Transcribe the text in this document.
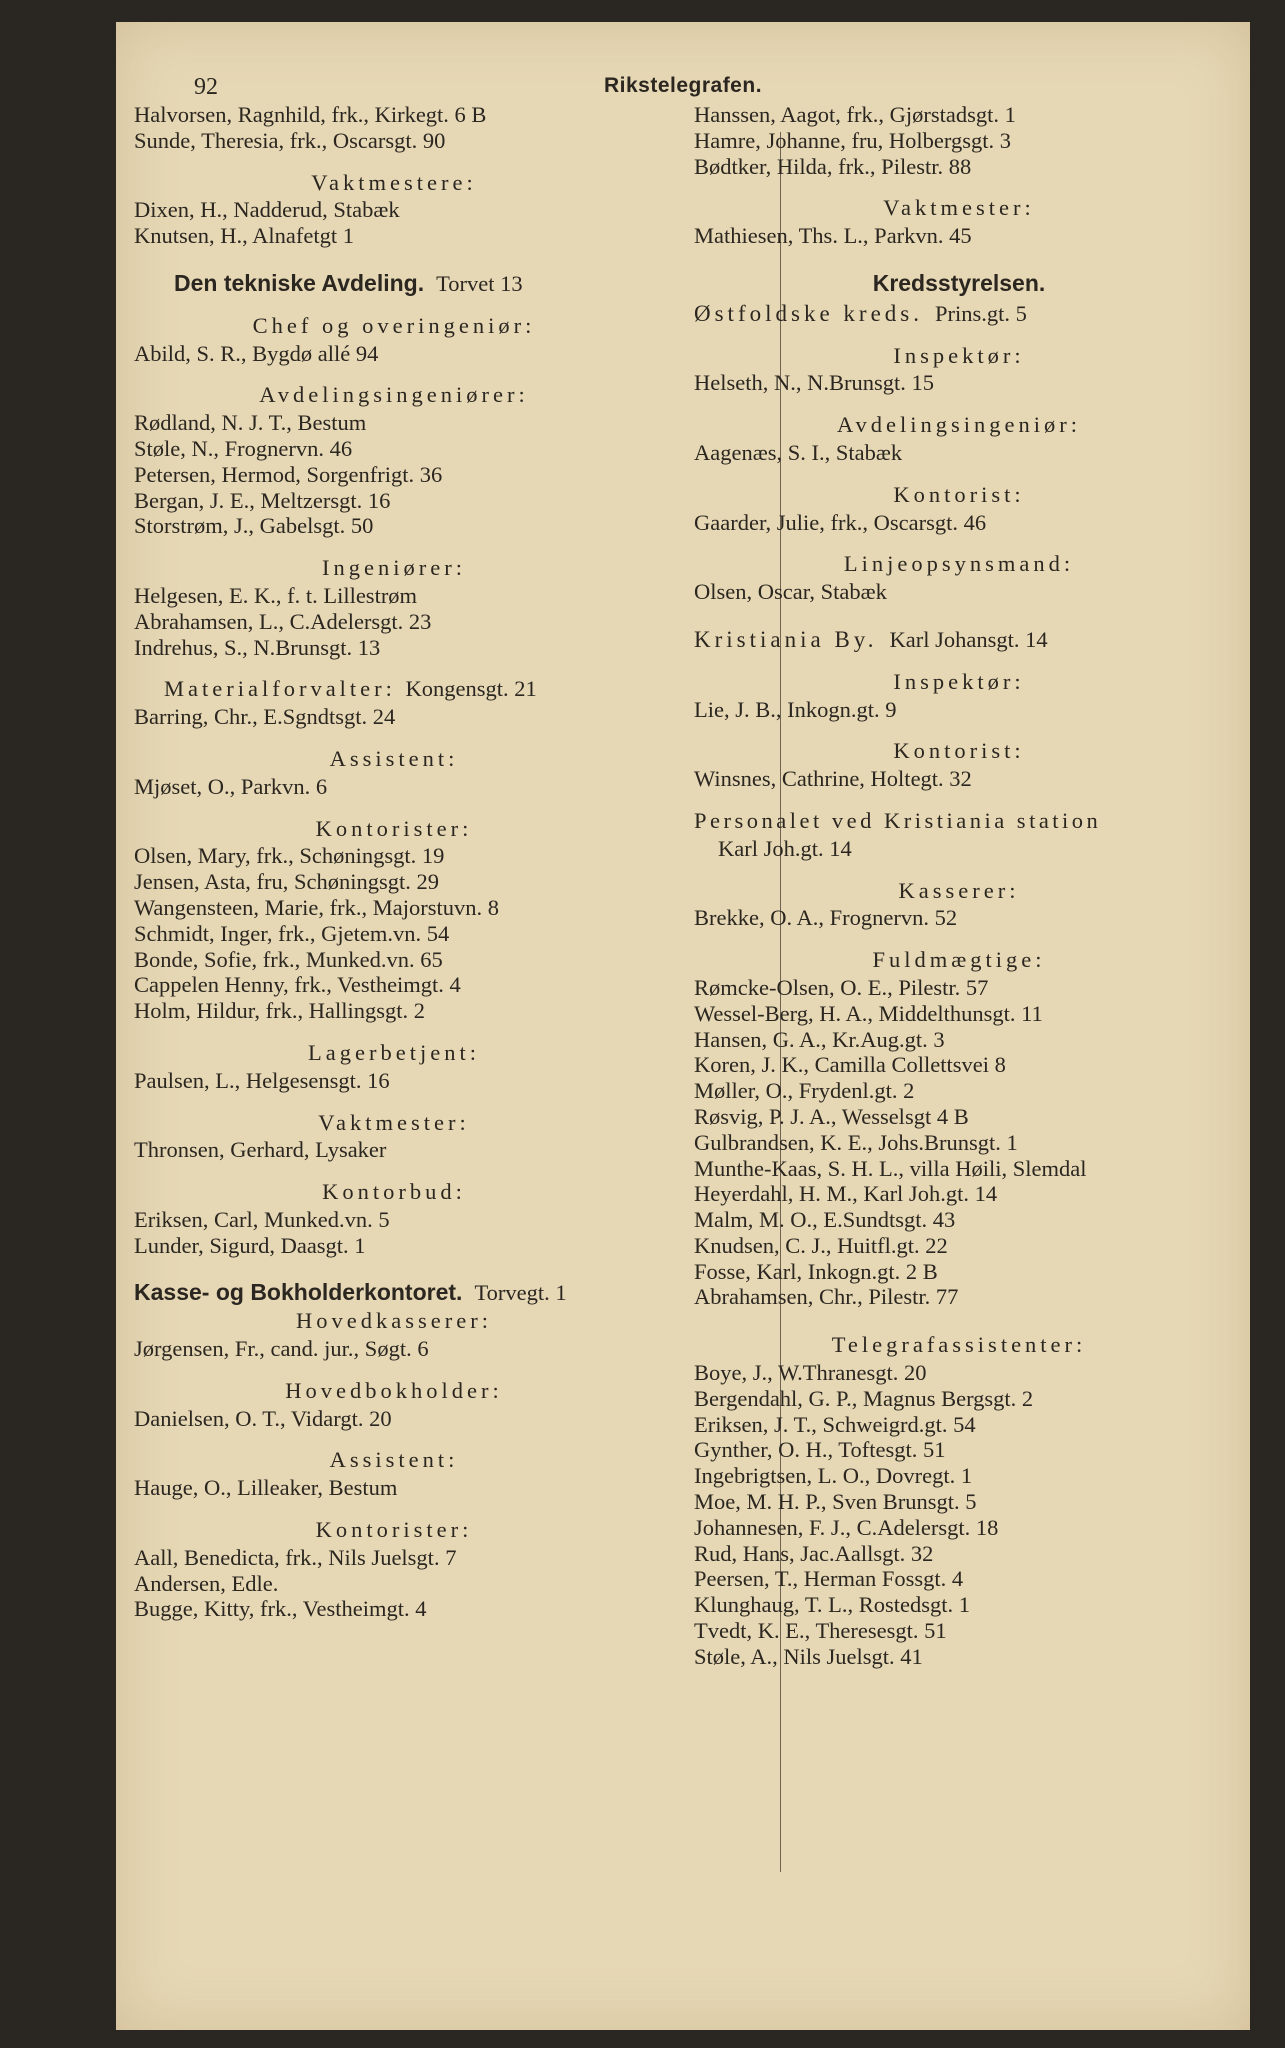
92	Rikstelegrafen.
Halvorsen, Ragnhild, frk., Kirkegt. 6 B
Sunde, Theresia, frk., Oscarsgt. 90
Vaktmestere:
Dixen, H., Nadderud, Stabæk
Knutsen, H., Alnafetgt 1
Den tekniske Avdeling. Torvet 13
Chef og overingeniør:
Abild, S. R., Bygdø allé 94
Avdelingsingeniører:
Rødland, N. J. T., Bestum
Støle, N., Frognervn. 46
Petersen, Hermod, Sorgenfrigt. 36
Bergan, J. E., Meltzersgt. 16
Storstrøm, J., Gabelsgt. 50
Ingeniører:
Helgesen, E. K., f. t. Lillestrøm
Abrahamsen, L., C.Adelersgt. 23
Indrehus, S., N.Brunsgt. 13
Materialforvalter: Kongensgt. 21
Barring, Chr., E.Sgndtsgt. 24
Assistent:
Mjøset, O., Parkvn. 6
Kontorister:
Olsen, Mary, frk., Schøningsgt. 19
Jensen, Asta, fru, Schøningsgt. 29
Wangensteen, Marie, frk., Majorstuvn. 8
Schmidt, Inger, frk., Gjetem.vn. 54
Bonde, Sofie, frk., Munked.vn. 65
Cappelen Henny, frk., Vestheimgt. 4
Holm, Hildur, frk., Hallingsgt. 2
Lagerbetjent:
Paulsen, L., Helgesensgt. 16
Vaktmester:
Thronsen, Gerhard, Lysaker
Kontorbud:
Eriksen, Carl, Munked.vn. 5
Lunder, Sigurd, Daasgt. 1
Kasse- og Bokholderkontoret. Torvegt. 1
Hovedkasserer:
Jørgensen, Fr., cand. jur., Søgt. 6
Hovedbokholder:
Danielsen, O. T., Vidargt. 20
Assistent:
Hauge, O., Lilleaker, Bestum
Kontorister:
Aall, Benedicta, frk., Nils Juelsgt. 7
Andersen, Edle.
Bugge, Kitty, frk., Vestheimgt. 4
Hanssen, Aagot, frk., Gjørstadsgt. 1
Hamre, Johanne, fru, Holbergsgt. 3
Bødtker, Hilda, frk., Pilestr. 88
Vaktmester:
Mathiesen, Ths. L., Parkvn. 45
Kredsstyrelsen.
Østfoldske kreds. Prins.gt. 5
Inspektør:
Helseth, N., N.Brunsgt. 15
Avdelingsingeniør:
Aagenæs, S. I., Stabæk
Kontorist:
Gaarder, Julie, frk., Oscarsgt. 46
Linjeopsynsmand:
Olsen, Oscar, Stabæk
Kristiania By. Karl Johansgt. 14
Inspektør:
Lie, J. B., Inkogn.gt. 9
Kontorist:
Winsnes, Cathrine, Holtegt. 32
Personalet ved Kristiania station
Karl Joh.gt. 14
Kasserer:
Brekke, O. A., Frognervn. 52
Fuldmægtige:
Rømcke-Olsen, O. E., Pilestr. 57
Wessel-Berg, H. A., Middelthunsgt. 11
Hansen, G. A., Kr.Aug.gt. 3
Koren, J. K., Camilla Collettsvei 8
Møller, O., Frydenl.gt. 2
Røsvig, P. J. A., Wesselsgt 4 B
Gulbrandsen, K. E., Johs.Brunsgt. 1
Munthe-Kaas, S. H. L., villa Høili, Slemdal
Heyerdahl, H. M., Karl Joh.gt. 14
Malm, M. O., E.Sundtsgt. 43
Knudsen, C. J., Huitfl.gt. 22
Fosse, Karl, Inkogn.gt. 2 B
Abrahamsen, Chr., Pilestr. 77
Telegrafassistenter:
Boye, J., W.Thranesgt. 20
Bergendahl, G. P., Magnus Bergsgt. 2
Eriksen, J. T., Schweigrd.gt. 54
Gynther, O. H., Toftesgt. 51
Ingebrigtsen, L. O., Dovregt. 1
Moe, M. H. P., Sven Brunsgt. 5
Johannesen, F. J., C.Adelersgt. 18
Rud, Hans, Jac.Aallsgt. 32
Peersen, T., Herman Fossgt. 4
Klunghaug, T. L., Rostedsgt. 1
Tvedt, K. E., Theresesgt. 51
Støle, A., Nils Juelsgt. 41
